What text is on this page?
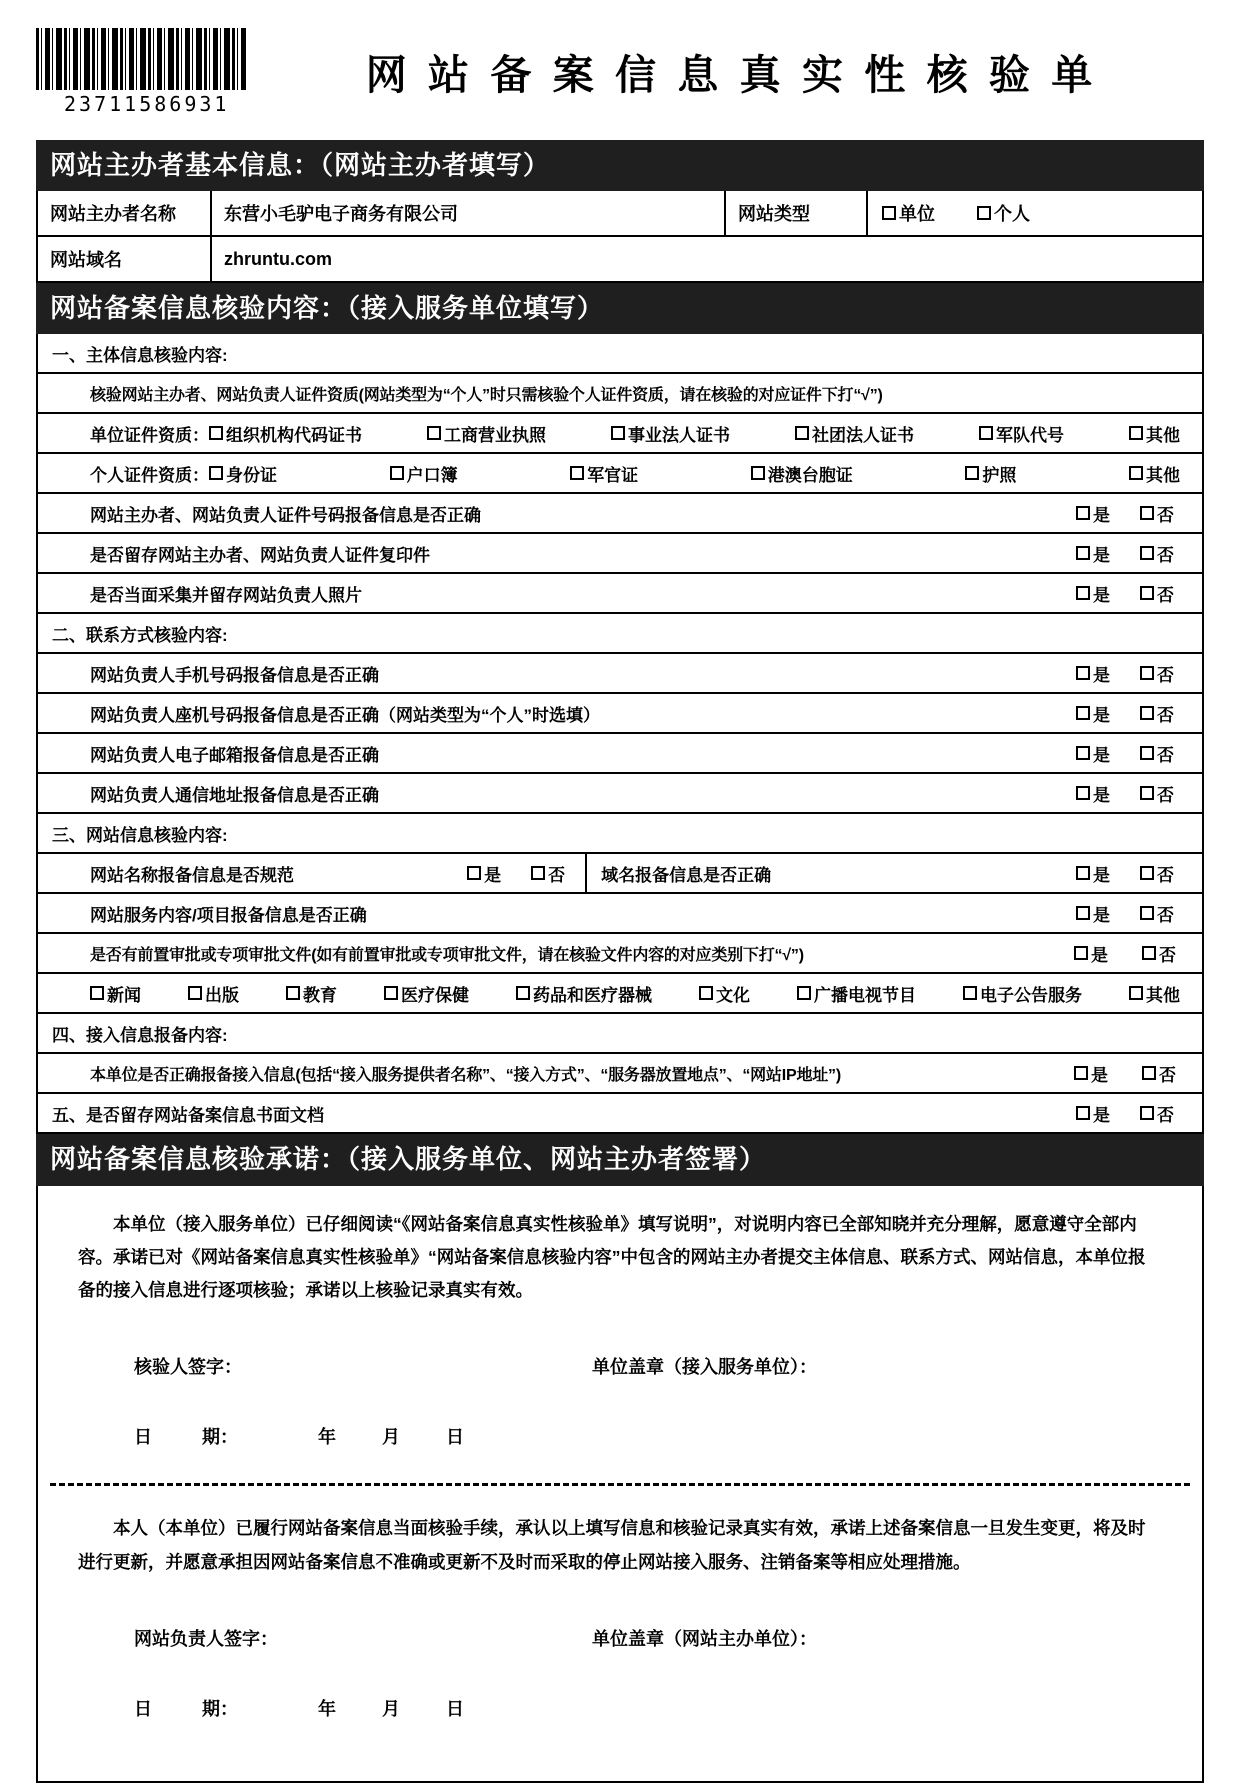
23711586931
网站备案信息真实性核验单
网站主办者基本信息：（网站主办者填写）
网站主办者名称	东营小毛驴电子商务有限公司	网站类型	单位	个人
网站域名	zhruntu.com
网站备案信息核验内容：（接入服务单位填写）
一、主体信息核验内容:
核验网站主办者、网站负责人证件资质(网站类型为“个人”时只需核验个人证件资质，请在核验的对应证件下打“√”)
单位证件资质： 组织机构代码证书	工商营业执照	事业法人证书	社团法人证书	军队代号	其他
个人证件资质： 身份证	户口簿	军官证	港澳台胞证	护照	其他
网站主办者、网站负责人证件号码报备信息是否正确	是	否
是否留存网站主办者、网站负责人证件复印件	是	否
是否当面采集并留存网站负责人照片	是	否
二、联系方式核验内容:
网站负责人手机号码报备信息是否正确	是	否
网站负责人座机号码报备信息是否正确（网站类型为“个人”时选填）	是	否
网站负责人电子邮箱报备信息是否正确	是	否
网站负责人通信地址报备信息是否正确	是	否
三、网站信息核验内容:
网站名称报备信息是否规范	是	否	域名报备信息是否正确	是	否
网站服务内容/项目报备信息是否正确	是	否
是否有前置审批或专项审批文件(如有前置审批或专项审批文件，请在核验文件内容的对应类别下打“√”)	是	否
新闻	出版	教育	医疗保健	药品和医疗器械	文化	广播电视节目	电子公告服务	其他
四、接入信息报备内容:
本单位是否正确报备接入信息(包括“接入服务提供者名称”、“接入方式”、“服务器放置地点”、“网站IP地址”)	是	否
五、是否留存网站备案信息书面文档	是	否
网站备案信息核验承诺：（接入服务单位、网站主办者签署）

本单位（接入服务单位）已仔细阅读“《网站备案信息真实性核验单》填写说明”，对说明内容已全部知晓并充分理解，愿意遵守全部内容。承诺已对《网站备案信息真实性核验单》“网站备案信息核验内容”中包含的网站主办者提交主体信息、联系方式、网站信息，本单位报备的接入信息进行逐项核验；承诺以上核验记录真实有效。

核验人签字：	单位盖章（接入服务单位）：
日	期：	年	月	日

本人（本单位）已履行网站备案信息当面核验手续，承认以上填写信息和核验记录真实有效，承诺上述备案信息一旦发生变更，将及时进行更新，并愿意承担因网站备案信息不准确或更新不及时而采取的停止网站接入服务、注销备案等相应处理措施。

网站负责人签字：	单位盖章（网站主办单位）：
日	期：	年	月	日
